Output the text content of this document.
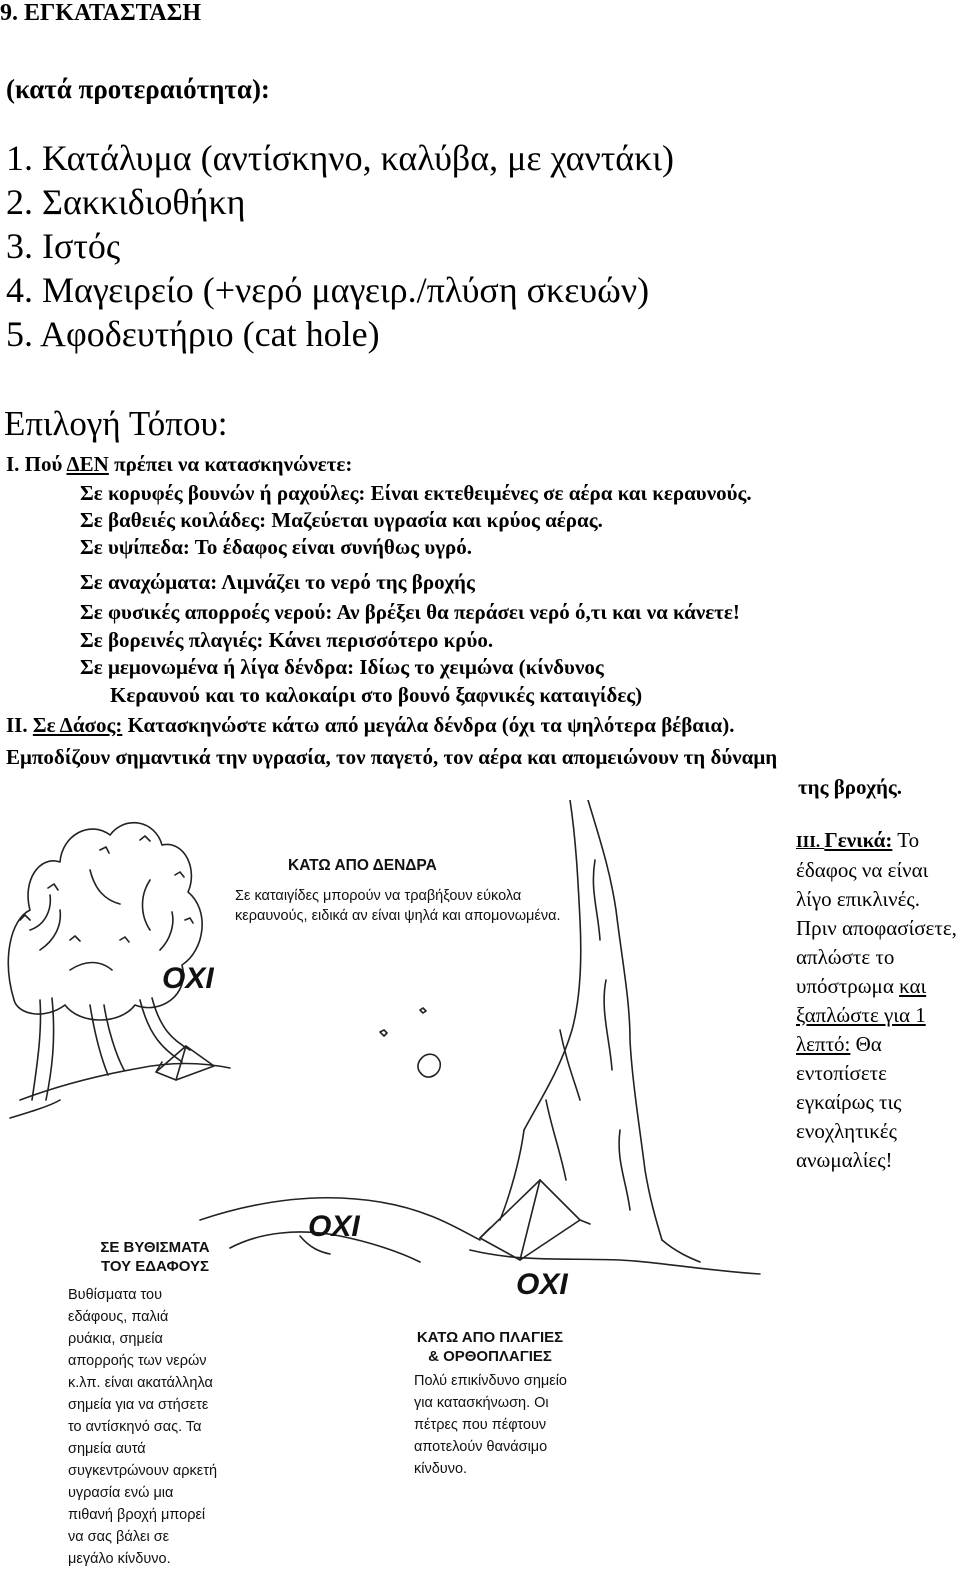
9. ΕΓΚΑΤΑΣΤΑΣΗ
(κατά προτεραιότητα):
1. Κατάλυμα (αντίσκηνο, καλύβα, με χαντάκι)
2. Σακκιδιοθήκη
3. Ιστός
4. Μαγειρείο (+νερό μαγειρ./πλύση σκευών)
5. Αφοδευτήριο (cat hole)
Επιλογή Τόπου:
I. Πού ΔΕΝ πρέπει να κατασκηνώνετε:
Σε κορυφές βουνών ή ραχούλες: Είναι εκτεθειμένες σε αέρα και κεραυνούς.
Σε βαθειές κοιλάδες: Μαζεύεται υγρασία και κρύος αέρας.
Σε υψίπεδα: Το έδαφος είναι συνήθως υγρό.
Σε αναχώματα: Λιμνάζει το νερό της βροχής
Σε φυσικές απορροές νερού: Αν βρέξει θα περάσει νερό ό,τι και να κάνετε!
Σε βορεινές πλαγιές: Κάνει περισσότερο κρύο.
Σε μεμονωμένα ή λίγα δένδρα: Ιδίως το χειμώνα (κίνδυνος
Κεραυνού και το καλοκαίρι στο βουνό ξαφνικές καταιγίδες)
II. Σε Δάσος: Κατασκηνώστε κάτω από μεγάλα δένδρα (όχι τα ψηλότερα βέβαια).
Εμποδίζουν σημαντικά την υγρασία, τον παγετό, τον αέρα και απομειώνουν τη δύναμη
της βροχής.
III. Γενικά: Το έδαφος να είναι λίγο επικλινές. Πριν αποφασίσετε, απλώστε το υπόστρωμα και ξαπλώστε για 1 λεπτό: Θα εντοπίσετε εγκαίρως τις ενοχλητικές ανωμαλίες!
ΚΑΤΩ ΑΠΟ ΔΕΝΔΡΑ
Σε καταιγίδες μπορούν να τραβήξουν εύκολα
κεραυνούς, ειδικά αν είναι ψηλά και απομονωμένα.
ΟΧΙ
ΟΧΙ
ΟΧΙ
ΣΕ ΒΥΘΙΣΜΑΤΑ
ΤΟΥ ΕΔΑΦΟΥΣ
Βυθίσματα του εδάφους, παλιά ρυάκια, σημεία απορροής των νερών κ.λπ. είναι ακατάλληλα σημεία για να στήσετε το αντίσκηνό σας. Τα σημεία αυτά συγκεντρώνουν αρκετή υγρασία ενώ μια πιθανή βροχή μπορεί να σας βάλει σε μεγάλο κίνδυνο.
ΚΑΤΩ ΑΠΟ ΠΛΑΓΙΕΣ
& ΟΡΘΟΠΛΑΓΙΕΣ
Πολύ επικίνδυνο σημείο για κατασκήνωση. Οι πέτρες που πέφτουν αποτελούν θανάσιμο κίνδυνο.
